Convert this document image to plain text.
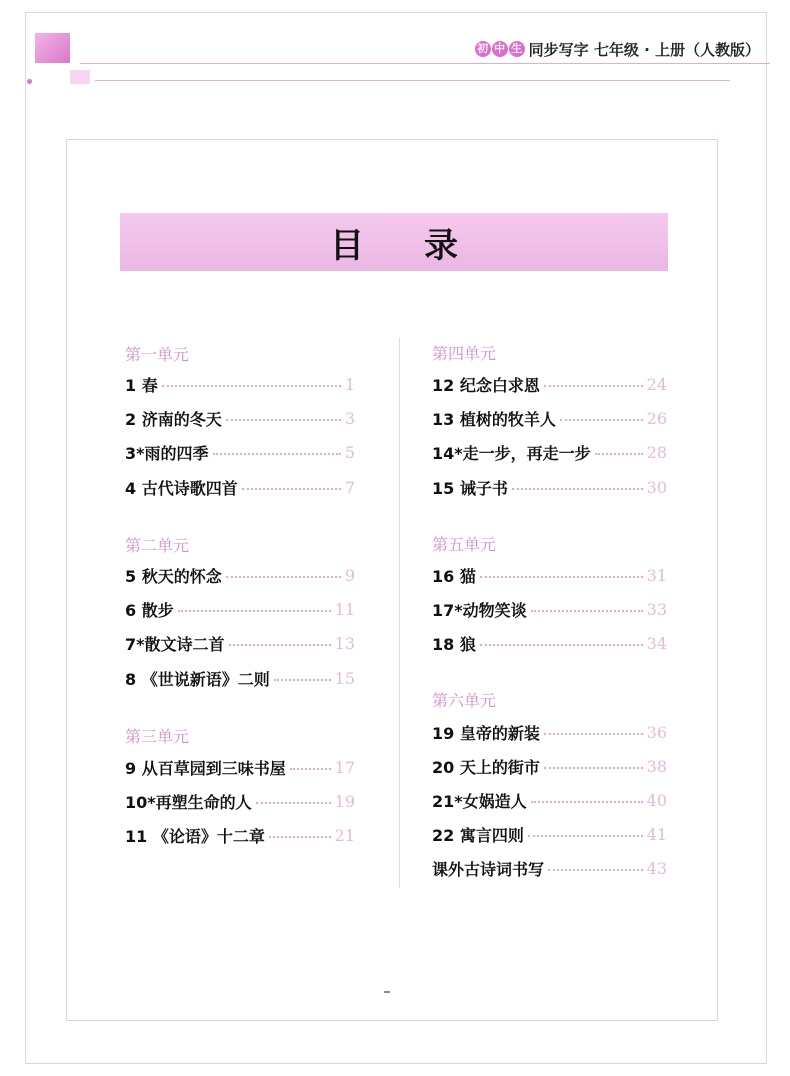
初 中 生 同步写字 七年级 · 上册（人教版）
目录
第一单元
1 春	1
2 济南的冬天	3
3*雨的四季	5
4 古代诗歌四首	7
第二单元
5 秋天的怀念	9
6 散步	11
7*散文诗二首	13
8 《世说新语》二则	15
第三单元
9 从百草园到三味书屋	17
10*再塑生命的人	19
11 《论语》十二章	21
第四单元
12 纪念白求恩	24
13 植树的牧羊人	26
14*走一步，再走一步	28
15 诫子书	30
第五单元
16 猫	31
17*动物笑谈	33
18 狼	34
第六单元
19 皇帝的新装	36
20 天上的街市	38
21*女娲造人	40
22 寓言四则	41
课外古诗词书写	43
